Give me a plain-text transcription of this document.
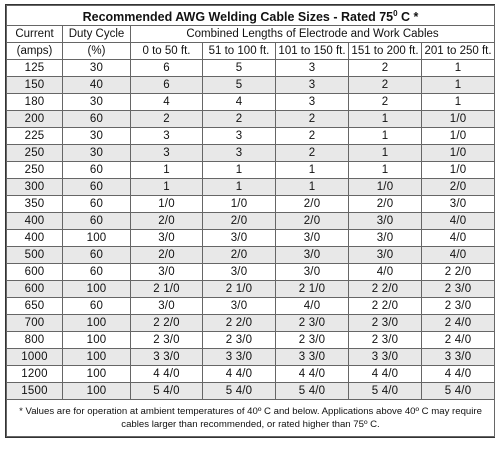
Recommended AWG Welding Cable Sizes - Rated $75^0$ C *						
Current	Duty Cycle	Combined Lengths of Electrode and Work Cables				
(amps)	(%)	0 to 50 ft.	51 to 100 ft.	101 to 150 ft.	151 to 200 ft.	201 to 250 ft.
125	30	6	5	3	2	1
150	40	6	5	3	2	1
180	30	4	4	3	2	1
200	60	2	2	2	1	1/0
225	30	3	3	2	1	1/0
250	30	3	3	2	1	1/0
250	60	1	1	1	1	1/0
300	60	1	1	1	1/0	2/0
350	60	1/0	1/0	2/0	2/0	3/0
400	60	2/0	2/0	2/0	3/0	4/0
400	100	3/0	3/0	3/0	3/0	4/0
500	60	2/0	2/0	3/0	3/0	4/0
600	60	3/0	3/0	3/0	4/0	2 2/0
600	100	2 1/0	2 1/0	2 1/0	2 2/0	2 3/0
650	60	3/0	3/0	4/0	2 2/0	2 3/0
700	100	2 2/0	2 2/0	2 3/0	2 3/0	2 4/0
800	100	2 3/0	2 3/0	2 3/0	2 3/0	2 4/0
1000	100	3 3/0	3 3/0	3 3/0	3 3/0	3 3/0
1200	100	4 4/0	4 4/0	4 4/0	4 4/0	4 4/0
1500	100	5 4/0	5 4/0	5 4/0	5 4/0	5 4/0
* Values are for operation at ambient temperatures of 40º C and below. Applications above 40º C may require cables larger than recommended, or rated higher than 75º C.						
